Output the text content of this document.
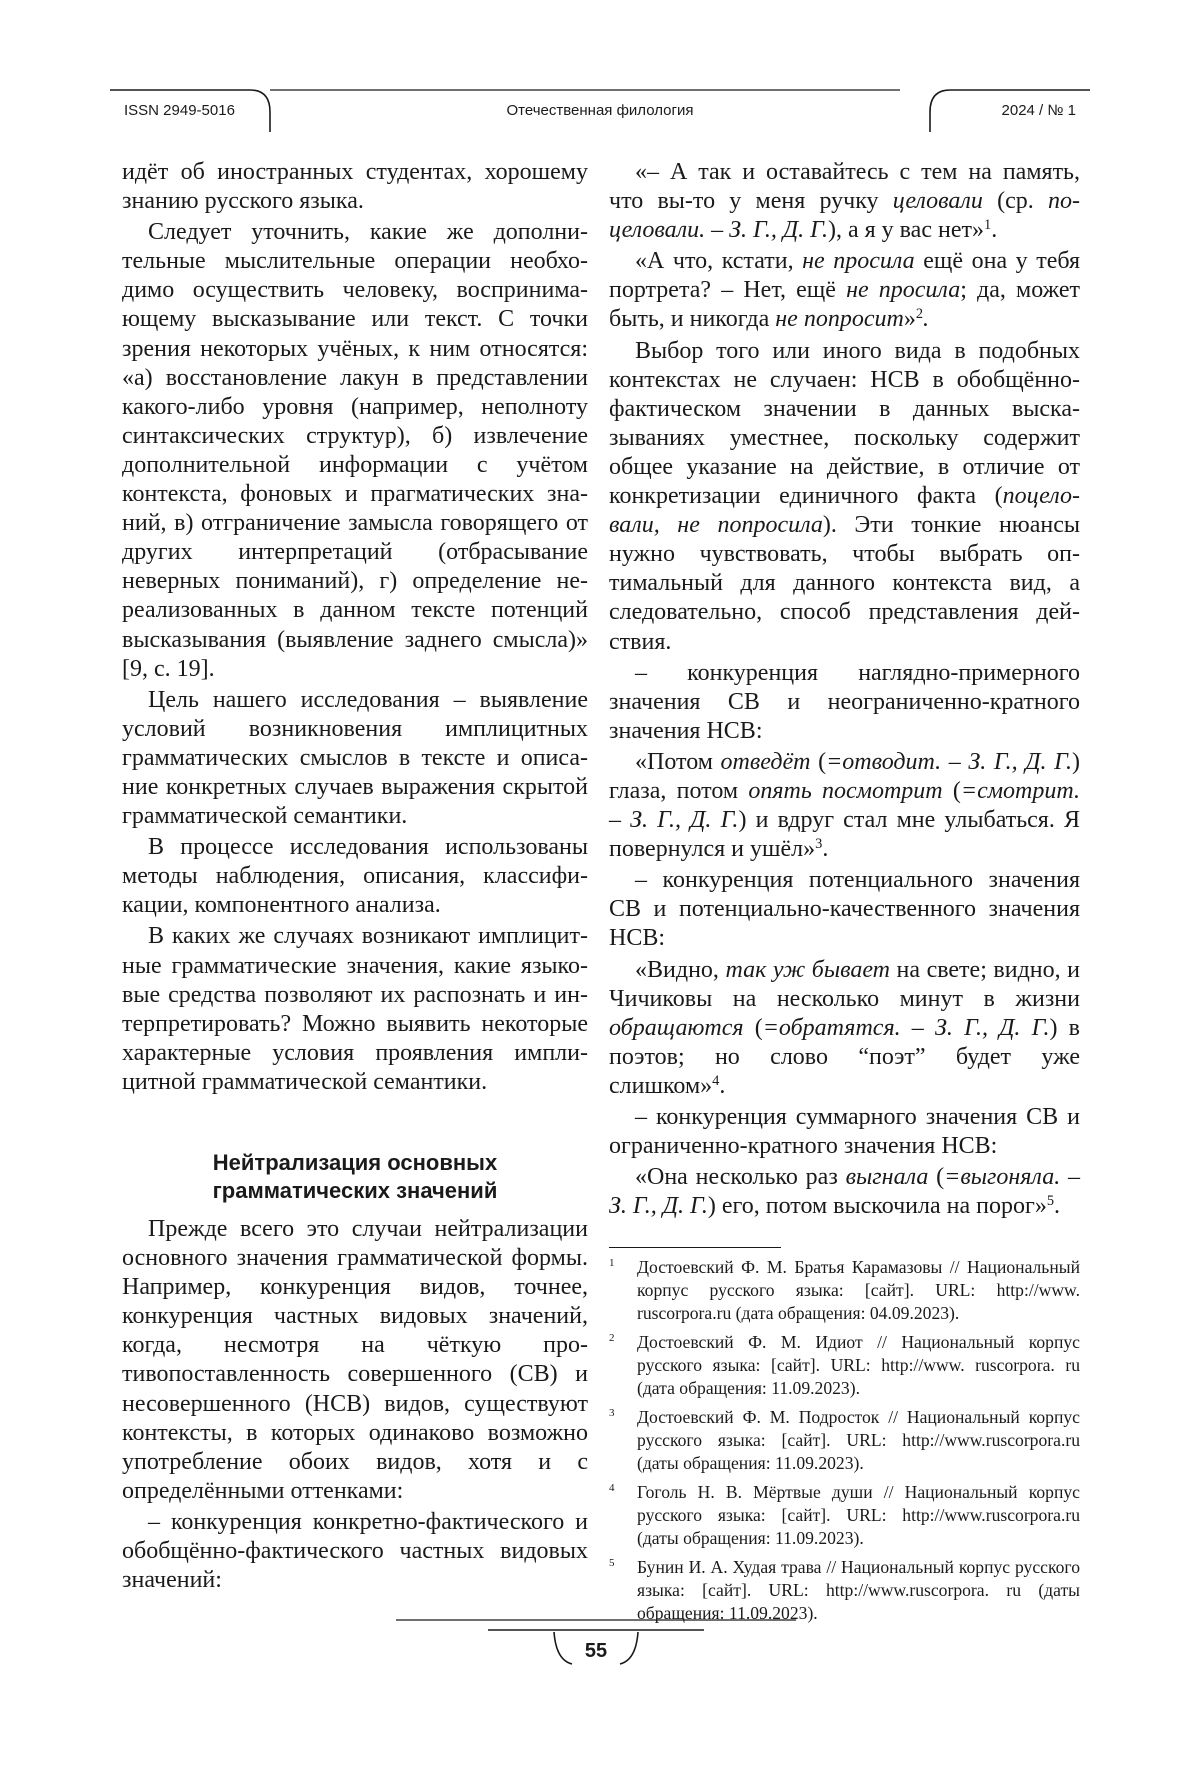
ISSN 2949-5016	Отечественная филология	2024 / № 1

идёт об иностранных студентах, хорошему знанию русского языка.

Следует уточнить, какие же дополнительные мыслительные операции необходимо осуществить человеку, воспринимающему высказывание или текст. С точки зрения некоторых учёных, к ним относятся: «а) восстановление лакун в представлении какого-либо уровня (например, неполноту синтаксических структур), б) извлечение дополнительной информации с учётом контекста, фоновых и прагматических знаний, в) отграничение замысла говорящего от других интерпретаций (отбрасывание неверных пониманий), г) определение нереализованных в данном тексте потенций высказывания (выявление заднего смысла)» [9, с. 19].

Цель нашего исследования – выявление условий возникновения имплицитных грамматических смыслов в тексте и описание конкретных случаев выражения скрытой грамматической семантики.

В процессе исследования использованы методы наблюдения, описания, классификации, компонентного анализа.

В каких же случаях возникают имплицитные грамматические значения, какие языковые средства позволяют их распознать и интерпретировать? Можно выявить некоторые характерные условия проявления имплицитной грамматической семантики.

Нейтрализация основных
грамматических значений

Прежде всего это случаи нейтрализации основного значения грамматической формы. Например, конкуренция видов, точнее, конкуренция частных видовых значений, когда, несмотря на чёткую противопоставленность совершенного (СВ) и несовершенного (НСВ) видов, существуют контексты, в которых одинаково возможно употребление обоих видов, хотя и с определёнными оттенками:

– конкуренция конкретно-фактического и обобщённо-фактического частных видовых значений:

«– А так и оставайтесь с тем на память, что вы-то у меня ручку целовали (ср. поцеловали. – З. Г., Д. Г.), а я у вас нет»$^1$.

«А что, кстати, не просила ещё она у тебя портрета? – Нет, ещё не просила; да, может быть, и никогда не попросит»$^2$.

Выбор того или иного вида в подобных контекстах не случаен: НСВ в обобщённо-фактическом значении в данных высказываниях уместнее, поскольку содержит общее указание на действие, в отличие от конкретизации единичного факта (поцеловали, не попросила). Эти тонкие нюансы нужно чувствовать, чтобы выбрать оптимальный для данного контекста вид, а следовательно, способ представления действия.

– конкуренция наглядно-примерного значения СВ и неограниченно-кратного значения НСВ:

«Потом отведёт (=отводит. – З. Г., Д. Г.) глаза, потом опять посмотрит (=смотрит. – З. Г., Д. Г.) и вдруг стал мне улыбаться. Я повернулся и ушёл»$^3$.

– конкуренция потенциального значения СВ и потенциально-качественного значения НСВ:

«Видно, так уж бывает на свете; видно, и Чичиковы на несколько минут в жизни обращаются (=обратятся. – З. Г., Д. Г.) в поэтов; но слово “поэт” будет уже слишком»$^4$.

– конкуренция суммарного значения СВ и ограниченно-кратного значения НСВ:

«Она несколько раз выгнала (=выгоняла. – З. Г., Д. Г.) его, потом выскочила на порог»$^5$.

1 Достоевский Ф. М. Братья Карамазовы // Национальный корпус русского языка: [сайт]. URL: http://www. ruscorpora.ru (дата обращения: 04.09.2023).
2 Достоевский Ф. М. Идиот // Национальный корпус русского языка: [сайт]. URL: http://www. ruscorpora. ru (дата обращения: 11.09.2023).
3 Достоевский Ф. М. Подросток // Национальный корпус русского языка: [сайт]. URL: http://www.ruscorpora.ru (даты обращения: 11.09.2023).
4 Гоголь Н. В. Мёртвые души // Национальный корпус русского языка: [сайт]. URL: http://www.ruscorpora.ru (даты обращения: 11.09.2023).
5 Бунин И. А. Худая трава // Национальный корпус русского языка: [сайт]. URL: http://www.ruscorpora. ru (даты обращения: 11.09.2023).
55
